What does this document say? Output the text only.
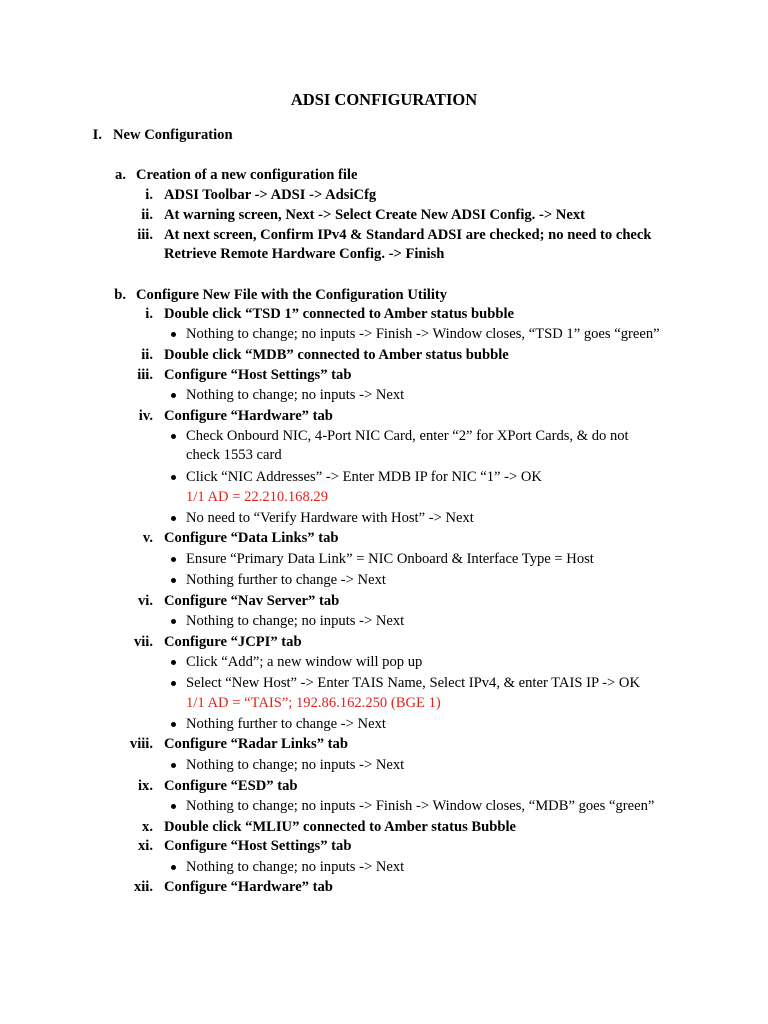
ADSI CONFIGURATION
I. New Configuration
a. Creation of a new configuration file
i. ADSI Toolbar -> ADSI -> AdsiCfg
ii. At warning screen, Next -> Select Create New ADSI Config. -> Next
iii. At next screen, Confirm IPv4 & Standard ADSI are checked; no need to check
Retrieve Remote Hardware Config. -> Finish
b. Configure New File with the Configuration Utility
i. Double click “TSD 1” connected to Amber status bubble
Nothing to change; no inputs -> Finish -> Window closes, “TSD 1” goes “green”
ii. Double click “MDB” connected to Amber status bubble
iii. Configure “Host Settings” tab
Nothing to change; no inputs -> Next
iv. Configure “Hardware” tab
Check Onbourd NIC, 4-Port NIC Card, enter “2” for XPort Cards, & do not
check 1553 card
Click “NIC Addresses” -> Enter MDB IP for NIC “1” -> OK
1/1 AD = 22.210.168.29
No need to “Verify Hardware with Host” -> Next
v. Configure “Data Links” tab
Ensure “Primary Data Link” = NIC Onboard & Interface Type = Host
Nothing further to change -> Next
vi. Configure “Nav Server” tab
Nothing to change; no inputs -> Next
vii. Configure “JCPI” tab
Click “Add”; a new window will pop up
Select “New Host” -> Enter TAIS Name, Select IPv4, & enter TAIS IP -> OK
1/1 AD = “TAIS”; 192.86.162.250 (BGE 1)
Nothing further to change -> Next
viii. Configure “Radar Links” tab
Nothing to change; no inputs -> Next
ix. Configure “ESD” tab
Nothing to change; no inputs -> Finish -> Window closes, “MDB” goes “green”
x. Double click “MLIU” connected to Amber status Bubble
xi. Configure “Host Settings” tab
Nothing to change; no inputs -> Next
xii. Configure “Hardware” tab
